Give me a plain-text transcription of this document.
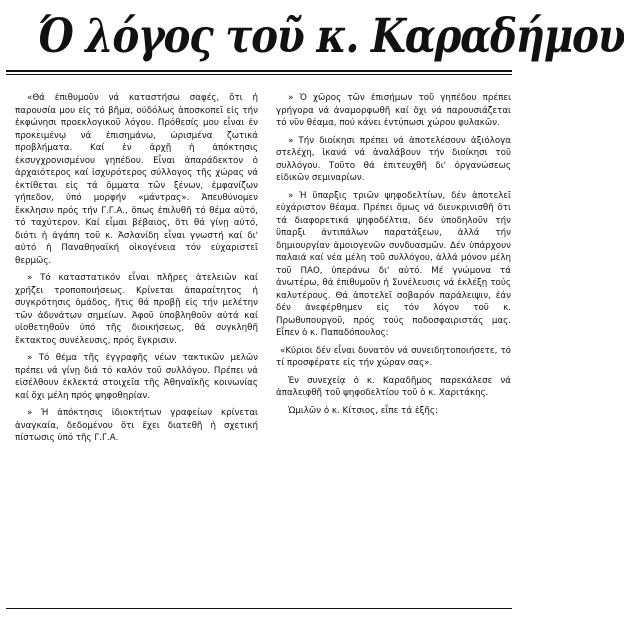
Ό λόγος τοῦ κ. Καραδήμου

«Θά ἐπιθυμοῦν νά καταστήσω σαφές, ὅτι ἡ παρουσία μου εἰς τό βῆμα, οὐδόλως ἀποσκοπεῖ εἰς τήν ἐκφώνησι προεκλογικοῦ λόγου. Πρόθεσίς μου εἶναι ἐν προκειμένῳ νά ἐπισημάνω, ὡρισμένα ζωτικά προβλήματα. Καί ἐν ἀρχῇ ἡ ἀπόκτησις ἐκσυγχρονισμένου γηπέδου. Εἶναι ἀπαράδεκτον ὁ ἀρχαιότερος καί ἰσχυρότερος σύλλογος τῆς χώρας νά ἐκτίθεται εἰς τά ὄμματα τῶν ξένων, ἐμφανίζων γήπεδον, ὑπό μορφήν «μάντρας». Ἀπευθύνομεν ἔκκλησιν πρός τήν Γ.Γ.Α., ὅπως ἐπιλυθῆ τό θέμα αὐτό, τό ταχύτερον. Καί εἶμαι βέβαιος, ὅτι θά γίνῃ αὐτό, διότι ἡ ἀγάπη τοῦ κ. Ἀσλανίδη εἶναι γνωστή καί δι' αὐτό ἡ Παναθηναϊκή οἰκογένεια τόν εὐχαριστεῖ θερμῶς.

» Τό καταστατικόν εἶναι πλῆρες ἀτελειῶν καί χρήζει τροποποιήσεως. Κρίνεται ἀπαραίτητος ἡ συγκρότησις ὁμάδος, ἥτις θά προβῇ εἰς τήν μελέτην τῶν ἀδυνάτων σημείων. Ἀφοῦ ὑποβληθοῦν αὐτά καί υἱοθετηθοῦν ὑπό τῆς διοικήσεως, θά συγκληθῆ ἔκτακτος συνέλευσις, πρός ἔγκρισιν.

» Τό θέμα τῆς ἐγγραφῆς νέων τακτικῶν μελῶν πρέπει νά γίνῃ διά τό καλόν τοῦ συλλόγου. Πρέπει νά εἰσέλθουν ἐκλεκτά στοιχεῖα τῆς Ἀθηναϊκῆς κοινωνίας καί ὄχι μέλη πρός ψηφοθηρίαν.

» Ἡ ἀπόκτησις ἰδιοκτήτων γραφείων κρίνεται ἀναγκαία, δεδομένου ὅτι ἔχει διατεθῆ ἡ σχετική πίστωσις ὑπό τῆς Γ.Γ.Α.

» Ὁ χῶρος τῶν ἐπισήμων τοῦ γηπέδου πρέπει γρήγορα νά ἀναμορφωθῆ καί ὄχι νά παρουσιάζεται τό νῦν θέαμα, πού κάνει ἐντύπωσι χώρου φυλακῶν.

» Τήν διοίκησι πρέπει νά ἀποτελέσουν ἀξιόλογα στελέχη, ἱκανά νά ἀναλάβουν τήν διοίκησι τοῦ συλλόγου. Τοῦτο θά ἐπιτευχθῆ δι' ὀργανώσεως εἰδικῶν σεμιναρίων.

» Ἡ ὕπαρξις τριῶν ψηφοδελτίων, δέν ἀποτελεῖ εὐχάριστον θέαμα. Πρέπει ὅμως νά διευκρινισθῆ ὅτι τά διαφορετικά ψηφοδέλτια, δέν ὑποδηλοῦν τήν ὕπαρξι ἀντιπάλων παρατάξεων, ἀλλά τήν δημιουργίαν ἁμοιογενῶν συνδυασμῶν. Δέν ὑπάρχουν παλαιά καί νέα μέλη τοῦ συλλόγου, ἀλλά μόνον μέλη τοῦ ΠΑΟ, ὑπεράνω δι' αὐτό. Μέ γνώμονα τά ἀνωτέρω, θά ἐπιθυμοῦν ἡ Συνέλευσις νά ἐκλέξῃ τούς καλυτέρους. Θά ἀποτελεῖ σοβαρόν παράλειψιν, ἐάν δέν ἀνεφέρθημεν εἰς τόν λόγον τοῦ κ. Πρωθυπουργοῦ, πρός τούς ποδοσφαιριστάς μας. Εἶπεν ὁ κ. Παπαδόπουλος:

«Κύριοι δέν εἶναι δυνατόν νά συνειδητοποιήσετε, τό τί προσφέρατε εἰς τήν χώραν σας».

Ἐν συνεχείᾳ ὁ κ. Καραδῆμος παρεκάλεσε νά ἀπαλειφθῆ τοῦ ψηφοδελτίου τοῦ ὁ κ. Χαριτάκης.

Ὡμιλῶν ὁ κ. Κίτσιος, εἶπε τά ἑξῆς:
